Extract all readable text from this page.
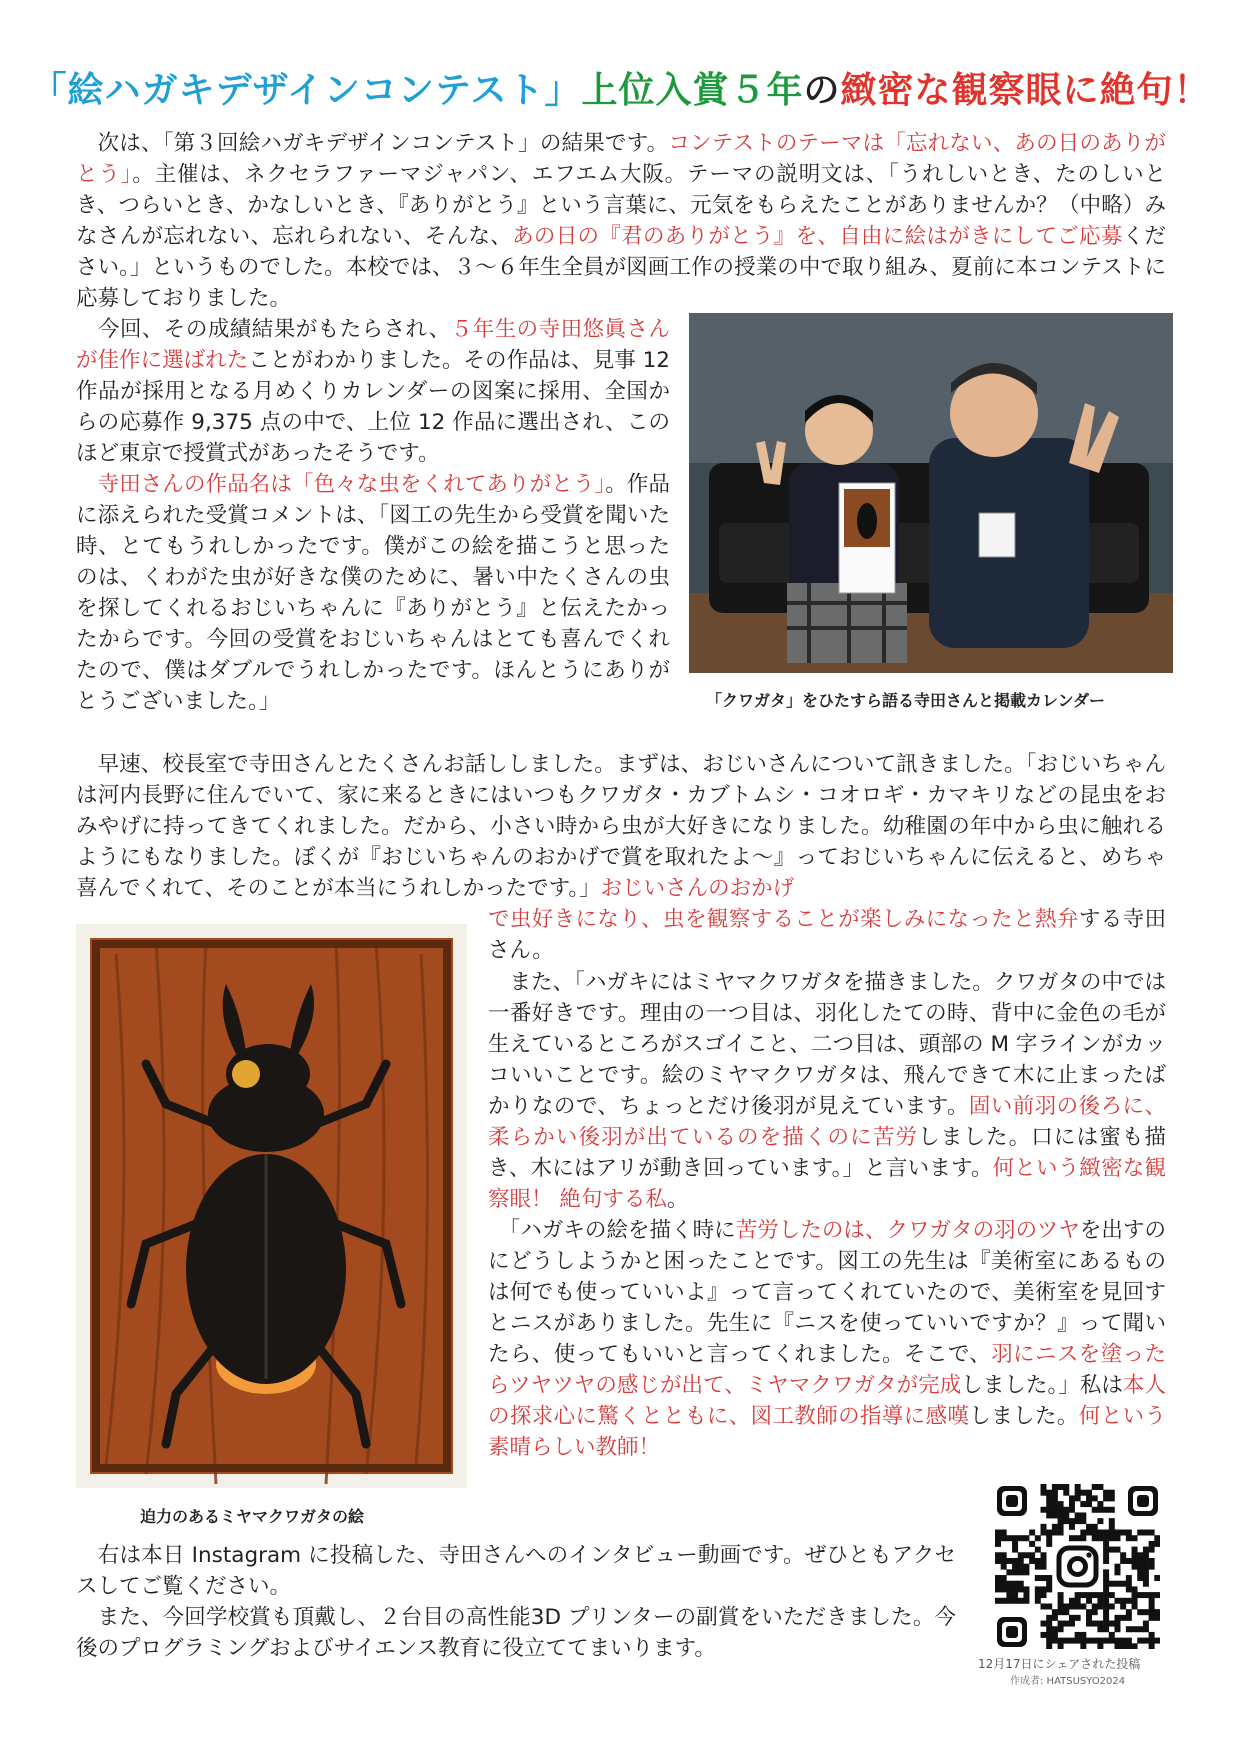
「絵ハガキデザインコンテスト」上位入賞５年の緻密な観察眼に絶句！

　次は、「第３回絵ハガキデザインコンテスト」の結果です。コンテストのテーマは「忘れない、あの日のありがとう」。主催は、ネクセラファーマジャパン、エフエム大阪。テーマの説明文は、「うれしいとき、たのしいとき、つらいとき、かなしいとき、『ありがとう』という言葉に、元気をもらえたことがありませんか？（中略）みなさんが忘れない、忘れられない、そんな、あの日の『君のありがとう』を、自由に絵はがきにしてご応募ください。」というものでした。本校では、３～６年生全員が図画工作の授業の中で取り組み、夏前に本コンテストに応募しておりました。

　今回、その成績結果がもたらされ、５年生の寺田悠眞さんが佳作に選ばれたことがわかりました。その作品は、見事 12 作品が採用となる月めくりカレンダーの図案に採用、全国からの応募作 9,375 点の中で、上位 12 作品に選出され、このほど東京で授賞式があったそうです。

　寺田さんの作品名は「色々な虫をくれてありがとう」。作品に添えられた受賞コメントは、「図工の先生から受賞を聞いた時、とてもうれしかったです。僕がこの絵を描こうと思ったのは、くわがた虫が好きな僕のために、暑い中たくさんの虫を探してくれるおじいちゃんに『ありがとう』と伝えたかったからです。今回の受賞をおじいちゃんはとても喜んでくれたので、僕はダブルでうれしかったです。ほんとうにありがとうございました。」	「クワガタ」をひたすら語る寺田さんと掲載カレンダー

　早速、校長室で寺田さんとたくさんお話ししました。まずは、おじいさんについて訊きました。「おじいちゃんは河内長野に住んでいて、家に来るときにはいつもクワガタ・カブトムシ・コオロギ・カマキリなどの昆虫をおみやげに持ってきてくれました。だから、小さい時から虫が大好きになりました。幼稚園の年中から虫に触れるようにもなりました。ぼくが『おじいちゃんのおかげで賞を取れたよ～』っておじいちゃんに伝えると、めちゃ喜んでくれて、そのことが本当にうれしかったです。」おじいさんのおかげ

で虫好きになり、虫を観察することが楽しみになったと熱弁する寺田さん。

　また、「ハガキにはミヤマクワガタを描きました。クワガタの中では一番好きです。理由の一つ目は、羽化したての時、背中に金色の毛が生えているところがスゴイこと、二つ目は、頭部の M 字ラインがカッコいいことです。絵のミヤマクワガタは、飛んできて木に止まったばかりなので、ちょっとだけ後羽が見えています。固い前羽の後ろに、柔らかい後羽が出ているのを描くのに苦労しました。口には蜜も描き、木にはアリが動き回っています。」と言います。何という緻密な観察眼！ 絶句する私。

　「ハガキの絵を描く時に苦労したのは、クワガタの羽のツヤを出すのにどうしようかと困ったことです。図工の先生は『美術室にあるものは何でも使っていいよ』って言ってくれていたので、美術室を見回すとニスがありました。先生に『ニスを使っていいですか？』って聞いたら、使ってもいいと言ってくれました。そこで、羽にニスを塗ったらツヤツヤの感じが出て、ミヤマクワガタが完成しました。」私は本人の探求心に驚くとともに、図工教師の指導に感嘆しました。何という素晴らしい教師！

迫力のあるミヤマクワガタの絵

　右は本日 Instagram に投稿した、寺田さんへのインタビュー動画です。ぜひともアクセスしてご覧ください。

　また、今回学校賞も頂戴し、２台目の高性能3D プリンターの副賞をいただきました。今後のプログラミングおよびサイエンス教育に役立ててまいります。

12月17日にシェアされた投稿
作成者: HATSUSYO2024
